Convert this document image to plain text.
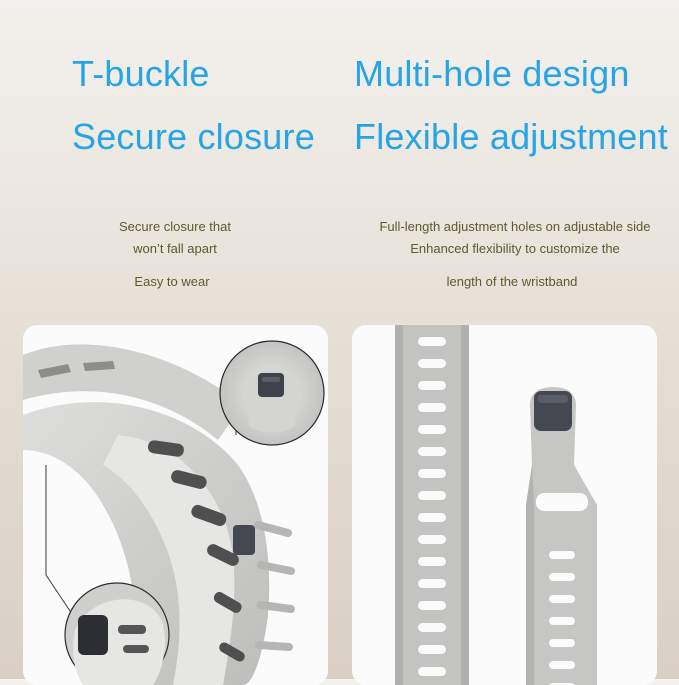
T-buckle
Secure closure
Multi-hole design
Flexible adjustment
Secure closure that
won’t fall apart
Easy to wear
Full-length adjustment holes on adjustable side
Enhanced flexibility to customize the
length of the wristband
